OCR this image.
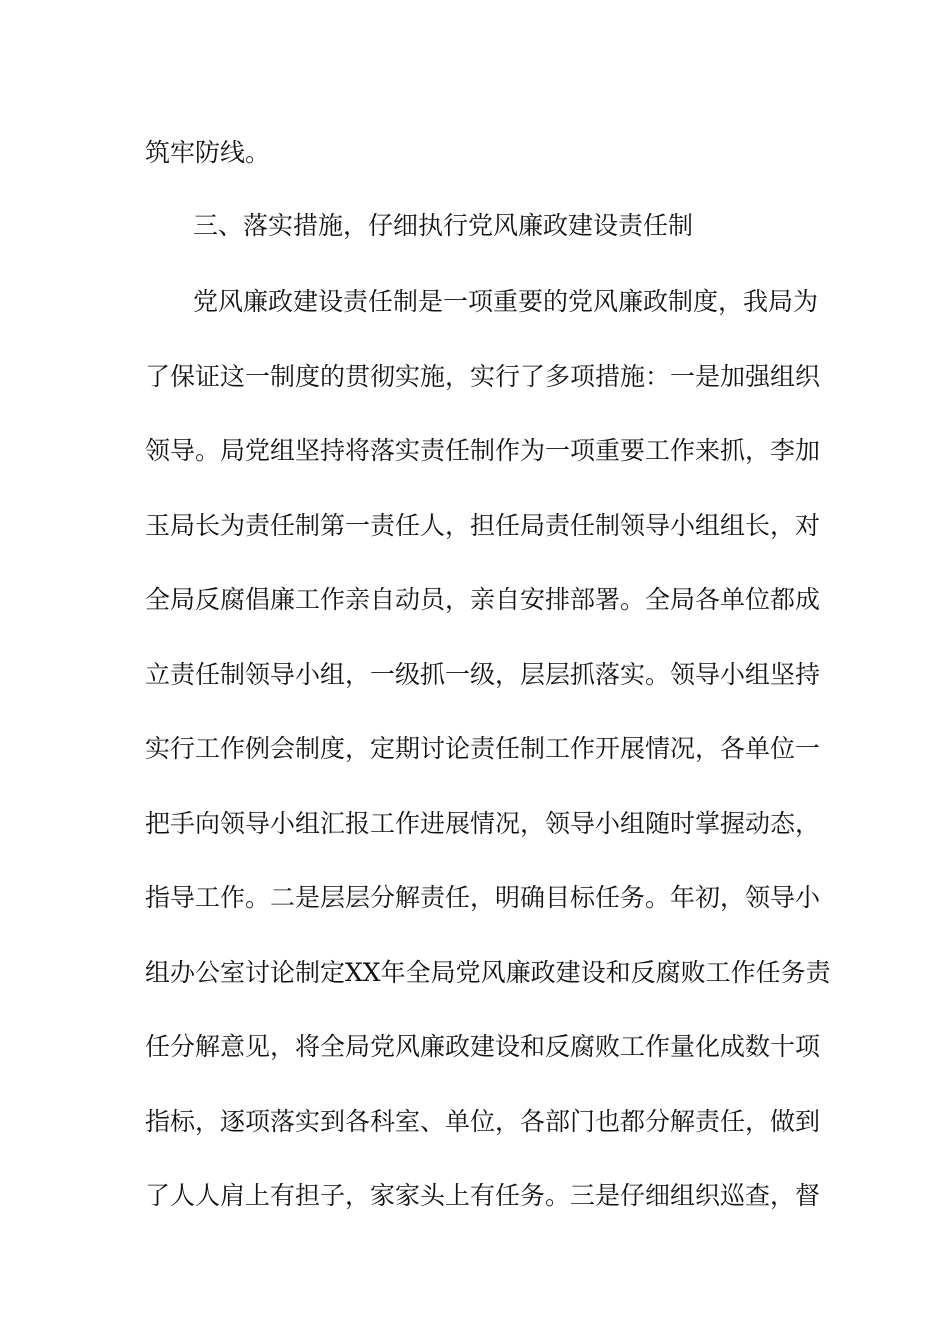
筑牢防线。
三、落实措施，仔细执行党风廉政建设责任制
党风廉政建设责任制是一项重要的党风廉政制度，我局为
了保证这一制度的贯彻实施，实行了多项措施：一是加强组织
领导。局党组坚持将落实责任制作为一项重要工作来抓，李加
玉局长为责任制第一责任人，担任局责任制领导小组组长，对
全局反腐倡廉工作亲自动员，亲自安排部署。全局各单位都成
立责任制领导小组，一级抓一级，层层抓落实。领导小组坚持
实行工作例会制度，定期讨论责任制工作开展情况，各单位一
把手向领导小组汇报工作进展情况，领导小组随时掌握动态，
指导工作。二是层层分解责任，明确目标任务。年初，领导小
组办公室讨论制定XX年全局党风廉政建设和反腐败工作任务责
任分解意见，将全局党风廉政建设和反腐败工作量化成数十项
指标，逐项落实到各科室、单位，各部门也都分解责任，做到
了人人肩上有担子，家家头上有任务。三是仔细组织巡查，督
